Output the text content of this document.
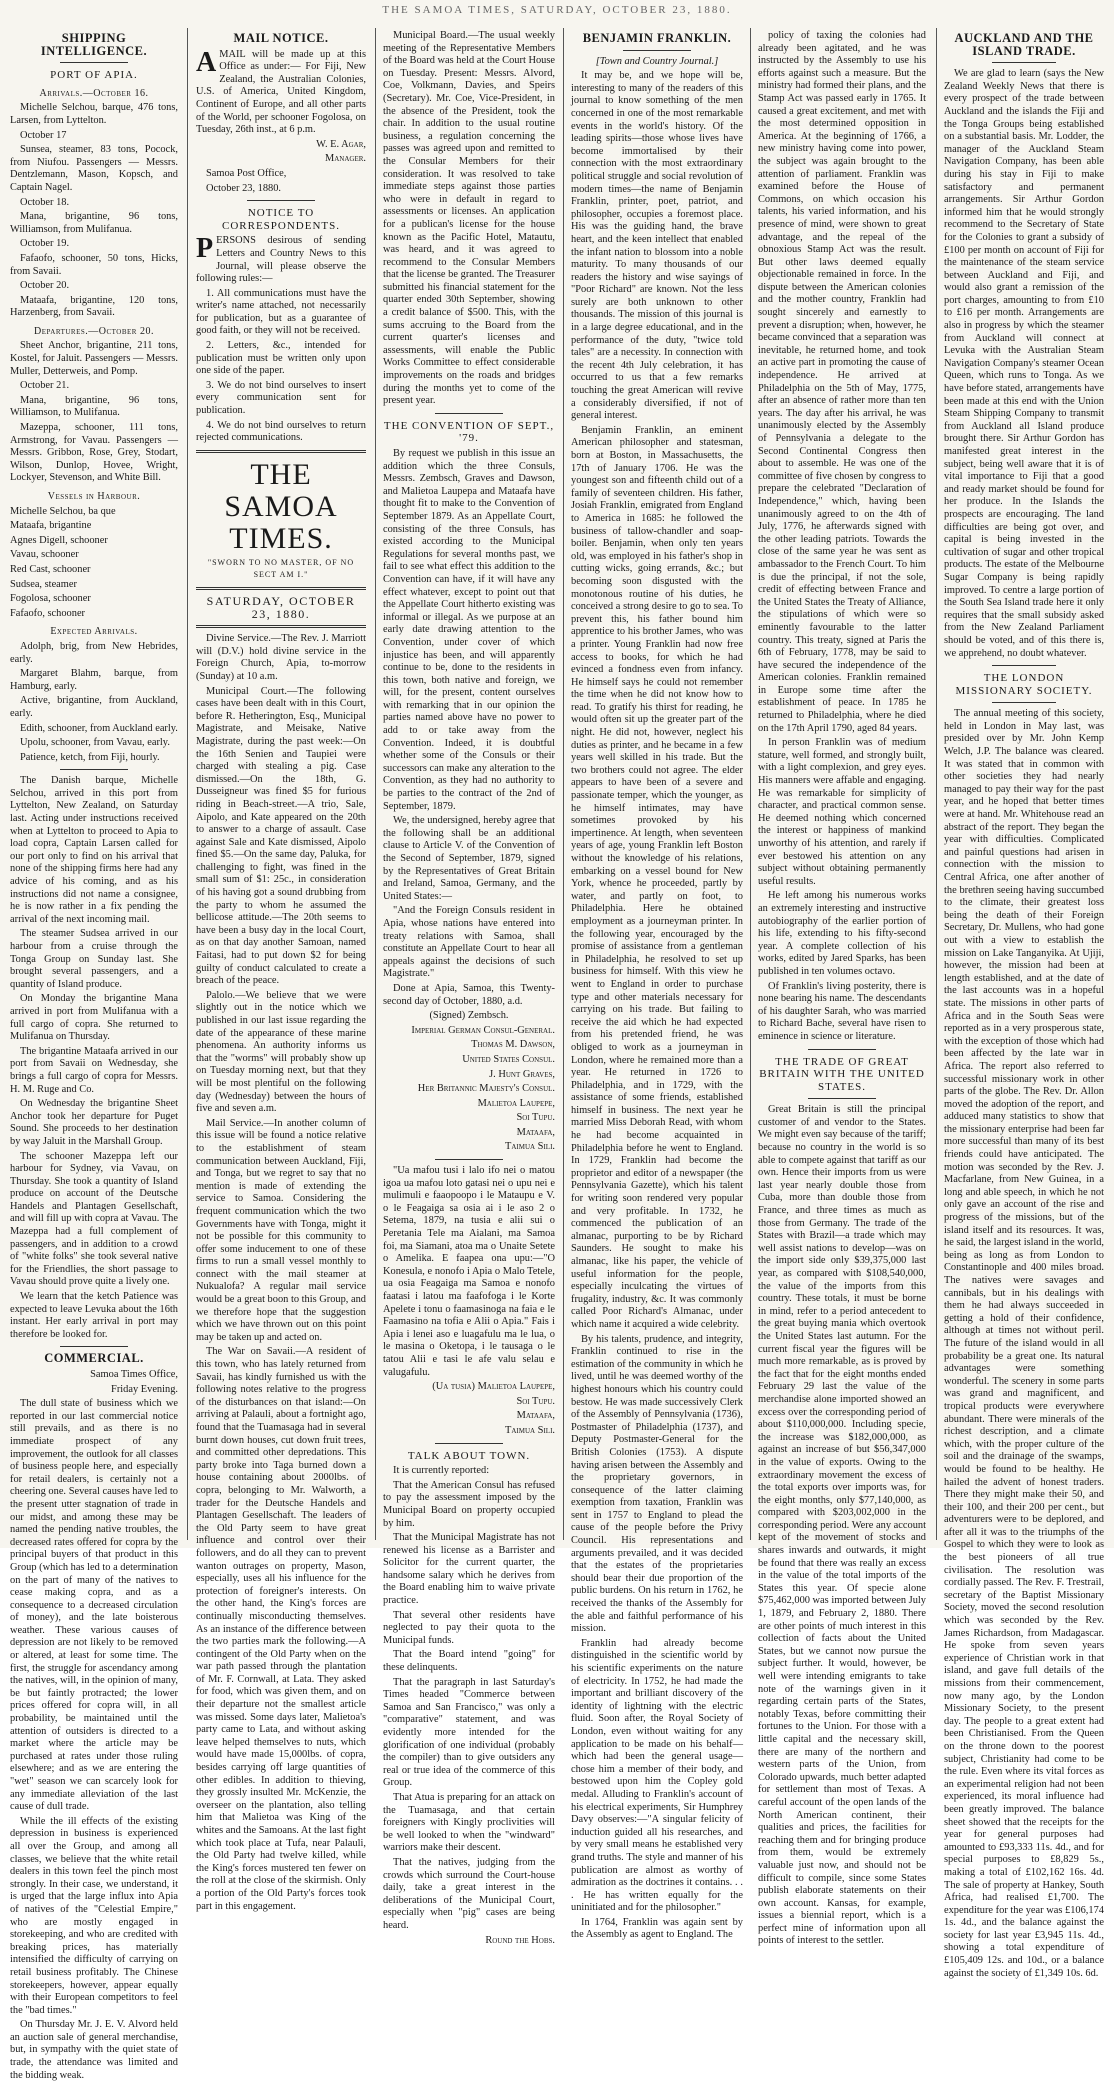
THE SAMOA TIMES, SATURDAY, OCTOBER 23, 1880.
SHIPPING INTELLIGENCE.
PORT OF APIA.
Arrivals.—October 16.

Michelle Selchou, barque, 476 tons, Larsen, from Lyttelton.

October 17

Sunsea, steamer, 83 tons, Pocock, from Niufou. Passengers — Messrs. Dentzlemann, Mason, Kopsch, and Captain Nagel.

October 18.

Mana, brigantine, 96 tons, Williamson, from Mulifanua.

October 19.

Fafaofo, schooner, 50 tons, Hicks, from Savaii.

October 20.

Mataafa, brigantine, 120 tons, Harzenberg, from Savaii.

Departures.—October 20.

Sheet Anchor, brigantine, 211 tons, Kostel, for Jaluit. Passengers — Messrs. Muller, Detterweis, and Pomp.

October 21.

Mana, brigantine, 96 tons, Williamson, to Mulifanua.

Mazeppa, schooner, 111 tons, Armstrong, for Vavau. Passengers — Messrs. Gribbon, Rose, Grey, Stodart, Wilson, Dunlop, Hovee, Wright, Lockyer, Stevenson, and White Bill.

Vessels in Harbour.

Michelle Selchou, ba que

Mataafa, brigantine

Agnes Digell, schooner

Vavau, schooner

Red Cast, schooner

Sudsea, steamer

Fogolosa, schooner

Fafaofo, schooner

Expected Arrivals.

Adolph, brig, from New Hebrides, early.

Margaret Blahm, barque, from Hamburg, early.

Active, brigantine, from Auckland, early.

Edith, schooner, from Auckland early.

Upolu, schooner, from Vavau, early.

Patience, ketch, from Fiji, hourly.

The Danish barque, Michelle Selchou, arrived in this port from Lyttelton, New Zealand, on Saturday last. Acting under instructions received when at Lyttelton to proceed to Apia to load copra, Captain Larsen called for our port only to find on his arrival that none of the shipping firms here had any advice of his coming, and as his instructions did not name a consignee, he is now rather in a fix pending the arrival of the next incoming mail.

The steamer Sudsea arrived in our harbour from a cruise through the Tonga Group on Sunday last. She brought several passengers, and a quantity of Island produce.

On Monday the brigantine Mana arrived in port from Mulifanua with a full cargo of copra. She returned to Mulifanua on Thursday.

The brigantine Mataafa arrived in our port from Savaii on Wednesday, she brings a full cargo of copra for Messrs. H. M. Ruge and Co.

On Wednesday the brigantine Sheet Anchor took her departure for Puget Sound. She proceeds to her destination by way Jaluit in the Marshall Group.

The schooner Mazeppa left our harbour for Sydney, via Vavau, on Thursday. She took a quantity of Island produce on account of the Deutsche Handels and Plantagen Gesellschaft, and will fill up with copra at Vavau. The Mazeppa had a full complement of passengers, and in addition to a crowd of "white folks" she took several native for the Friendlies, the short passage to Vavau should prove quite a lively one.

We learn that the ketch Patience was expected to leave Levuka about the 16th instant. Her early arrival in port may therefore be looked for.

COMMERCIAL.

Samoa Times Office,

Friday Evening.

The dull state of business which we reported in our last commercial notice still prevails, and as there is no immediate prospect of any improvement, the outlook for all classes of business people here, and especially for retail dealers, is certainly not a cheering one. Several causes have led to the present utter stagnation of trade in our midst, and among these may be named the pending native troubles, the decreased rates offered for copra by the principal buyers of that product in this Group (which has led to a determination on the part of many of the natives to cease making copra, and as a consequence to a decreased circulation of money), and the late boisterous weather. These various causes of depression are not likely to be removed or altered, at least for some time. The first, the struggle for ascendancy among the natives, will, in the opinion of many, be but faintly protracted; the lower prices offered for copra will, in all probability, be maintained until the attention of outsiders is directed to a market where the article may be purchased at rates under those ruling elsewhere; and as we are entering the "wet" season we can scarcely look for any immediate alleviation of the last cause of dull trade.

While the ill effects of the existing depression in business is experienced all over the Group, and among all classes, we believe that the white retail dealers in this town feel the pinch most strongly. In their case, we understand, it is urged that the large influx into Apia of natives of the "Celestial Empire," who are mostly engaged in storekeeping, and who are credited with breaking prices, has materially intensified the difficulty of carrying on retail business profitably. The Chinese storekeepers, however, appear equally with their European competitors to feel the "bad times."

On Thursday Mr. J. E. V. Alvord held an auction sale of general merchandise, but, in sympathy with the quiet state of trade, the attendance was limited and the bidding weak.

MAIL NOTICE.

AMAIL will be made up at this Office as under:— For Fiji, New Zealand, the Australian Colonies, U.S. of America, United Kingdom, Continent of Europe, and all other parts of the World, per schooner Fogolosa, on Tuesday, 26th inst., at 6 p.m.

W. E. Agar,

Manager.

Samoa Post Office,

October 23, 1880.

NOTICE TO CORRESPONDENTS.

PERSONS desirous of sending Letters and Country News to this Journal, will please observe the following rules:—

1. All communications must have the writer's name attached, not necessarily for publication, but as a guarantee of good faith, or they will not be received.

2. Letters, &c., intended for publication must be written only upon one side of the paper.

3. We do not bind ourselves to insert every communication sent for publication.

4. We do not bind ourselves to return rejected communications.

THE SAMOA TIMES.
"SWORN TO NO MASTER, OF NO SECT AM I."
SATURDAY, OCTOBER 23, 1880.

Divine Service.—The Rev. J. Marriott will (D.V.) hold divine service in the Foreign Church, Apia, to-morrow (Sunday) at 10 a.m.

Municipal Court.—The following cases have been dealt with in this Court, before R. Hetherington, Esq., Municipal Magistrate, and Meisake, Native Magistrate, during the past week:—On the 16th Senien and Taupiei were charged with stealing a pig. Case dismissed.—On the 18th, G. Dusseigneur was fined $5 for furious riding in Beach-street.—A trio, Sale, Aipolo, and Kate appeared on the 20th to answer to a charge of assault. Case against Sale and Kate dismissed, Aipolo fined $5.—On the same day, Paluka, for challenging to fight, was fined in the small sum of $1: 25c., in consideration of his having got a sound drubbing from the party to whom he assumed the bellicose attitude.—The 20th seems to have been a busy day in the local Court, as on that day another Samoan, named Faitasi, had to put down $2 for being guilty of conduct calculated to create a breach of the peace.

Palolo.—We believe that we were slightly out in the notice which we published in our last issue regarding the date of the appearance of these marine phenomena. An authority informs us that the "worms" will probably show up on Tuesday morning next, but that they will be most plentiful on the following day (Wednesday) between the hours of five and seven a.m.

Mail Service.—In another column of this issue will be found a notice relative to the establishment of steam communication between Auckland, Fiji, and Tonga, but we regret to say that no mention is made of extending the service to Samoa. Considering the frequent communication which the two Governments have with Tonga, might it not be possible for this community to offer some inducement to one of these firms to run a small vessel monthly to connect with the mail steamer at Nukualofa? A regular mail service would be a great boon to this Group, and we therefore hope that the suggestion which we have thrown out on this point may be taken up and acted on.

The War on Savaii.—A resident of this town, who has lately returned from Savaii, has kindly furnished us with the following notes relative to the progress of the disturbances on that island:—On arriving at Palauli, about a fortnight ago, found that the Tuamasaga had in several burnt down houses, cut down fruit trees, and committed other depredations. This party broke into Taga burned down a house containing about 2000lbs. of copra, belonging to Mr. Walworth, a trader for the Deutsche Handels and Plantagen Gesellschaft. The leaders of the Old Party seem to have great influence and control over their followers, and do all they can to prevent wanton outrages on property, Mason, especially, uses all his influence for the protection of foreigner's interests. On the other hand, the King's forces are continually misconducting themselves. As an instance of the difference between the two parties mark the following.—A contingent of the Old Party when on the war path passed through the plantation of Mr. F. Cornwall, at Lata. They asked for food, which was given them, and on their departure not the smallest article was missed. Some days later, Malietoa's party came to Lata, and without asking leave helped themselves to nuts, which would have made 15,000lbs. of copra, besides carrying off large quantities of other edibles. In addition to thieving, they grossly insulted Mr. McKenzie, the overseer on the plantation, also telling him that Malietoa was King of the whites and the Samoans. At the last fight which took place at Tufa, near Palauli, the Old Party had twelve killed, while the King's forces mustered ten fewer on the roll at the close of the skirmish. Only a portion of the Old Party's forces took part in this engagement.

Municipal Board.—The usual weekly meeting of the Representative Members of the Board was held at the Court House on Tuesday. Present: Messrs. Alvord, Coe, Volkmann, Davies, and Speirs (Secretary). Mr. Coe, Vice-President, in the absence of the President, took the chair. In addition to the usual routine business, a regulation concerning the passes was agreed upon and remitted to the Consular Members for their consideration. It was resolved to take immediate steps against those parties who were in default in regard to assessments or licenses. An application for a publican's license for the house known as the Pacific Hotel, Matautu, was heard, and it was agreed to recommend to the Consular Members that the license be granted. The Treasurer submitted his financial statement for the quarter ended 30th September, showing a credit balance of $500. This, with the sums accruing to the Board from the current quarter's licenses and assessments, will enable the Public Works Committee to effect considerable improvements on the roads and bridges during the months yet to come of the present year.

THE CONVENTION OF SEPT., '79.

By request we publish in this issue an addition which the three Consuls, Messrs. Zembsch, Graves and Dawson, and Malietoa Laupepa and Mataafa have thought fit to make to the Convention of September 1879. As an Appellate Court, consisting of the three Consuls, has existed according to the Municipal Regulations for several months past, we fail to see what effect this addition to the Convention can have, if it will have any effect whatever, except to point out that the Appellate Court hitherto existing was informal or illegal. As we purpose at an early date drawing attention to the Convention, under cover of which injustice has been, and will apparently continue to be, done to the residents in this town, both native and foreign, we will, for the present, content ourselves with remarking that in our opinion the parties named above have no power to add to or take away from the Convention. Indeed, it is doubtful whether some of the Consuls or their successors can make any alteration to the Convention, as they had no authority to be parties to the contract of the 2nd of September, 1879.

We, the undersigned, hereby agree that the following shall be an additional clause to Article V. of the Convention of the Second of September, 1879, signed by the Representatives of Great Britain and Ireland, Samoa, Germany, and the United States:—

"And the Foreign Consuls resident in Apia, whose nations have entered into treaty relations with Samoa, shall constitute an Appellate Court to hear all appeals against the decisions of such Magistrate."

Done at Apia, Samoa, this Twenty-second day of October, 1880, a.d.

(Signed) Zembsch.

Imperial German Consul-General.

Thomas M. Dawson,

United States Consul.

J. Hunt Graves,

Her Britannic Majesty's Consul.

Malietoa Laupepe,

Soi Tupu.

Mataafa,

Taimua Sili.

"Ua mafou tusi i lalo ifo nei o matou igoa ua mafou loto gatasi nei o upu nei e mulimuli e faaopoopo i le Mataupu e V. o le Feagaiga sa osia ai i le aso 2 o Setema, 1879, na tusia e alii sui o Peretania Tele ma Aialani, ma Samoa foi, ma Siamani, atoa ma o Unaite Setete o Amelika. E faapea ona upu:—"O Konesula, e nonofo i Apia o Malo Tetele, ua osia Feagaiga ma Samoa e nonofo faatasi i latou ma faafofoga i le Korte Apelete i tonu o faamasinoga na faia e le Faamasino na tofia e Alii o Apia." Fais i Apia i lenei aso e luagafulu ma le lua, o le masina o Oketopa, i le tausaga o le tatou Alii e tasi le afe valu selau e valugafulu.

(Ua tusia) Malietoa Laupepe,

Soi Tupu.

Mataafa,

Taimua Sili.

TALK ABOUT TOWN.

It is currently reported:

That the American Consul has refused to pay the assessment imposed by the Municipal Board on property occupied by him.

That the Municipal Magistrate has not renewed his license as a Barrister and Solicitor for the current quarter, the handsome salary which he derives from the Board enabling him to waive private practice.

That several other residents have neglected to pay their quota to the Municipal funds.

That the Board intend "going" for these delinquents.

That the paragraph in last Saturday's Times headed "Commerce between Samoa and San Francisco," was only a "comparative" statement, and was evidently more intended for the glorification of one individual (probably the compiler) than to give outsiders any real or true idea of the commerce of this Group.

That Atua is preparing for an attack on the Tuamasaga, and that certain foreigners with Kingly proclivities will be well looked to when the "windward" warriors make their descent.

That the natives, judging from the crowds which surround the Court-house daily, take a great interest in the deliberations of the Municipal Court, especially when "pig" cases are being heard.

Round the Hobs.

BENJAMIN FRANKLIN.

[Town and Country Journal.]

It may be, and we hope will be, interesting to many of the readers of this journal to know something of the men concerned in one of the most remarkable events in the world's history. Of the leading spirits—those whose lives have become immortalised by their connection with the most extraordinary political struggle and social revolution of modern times—the name of Benjamin Franklin, printer, poet, patriot, and philosopher, occupies a foremost place. His was the guiding hand, the brave heart, and the keen intellect that enabled the infant nation to blossom into a noble maturity. To many thousands of our readers the history and wise sayings of "Poor Richard" are known. Not the less surely are both unknown to other thousands. The mission of this journal is in a large degree educational, and in the performance of the duty, "twice told tales" are a necessity. In connection with the recent 4th July celebration, it has occurred to us that a few remarks touching the great American will revive a considerably diversified, if not of general interest.

Benjamin Franklin, an eminent American philosopher and statesman, born at Boston, in Massachusetts, the 17th of January 1706. He was the youngest son and fifteenth child out of a family of seventeen children. His father, Josiah Franklin, emigrated from England to America in 1685: he followed the business of tallow-chandler and soap-boiler. Benjamin, when only ten years old, was employed in his father's shop in cutting wicks, going errands, &c.; but becoming soon disgusted with the monotonous routine of his duties, he conceived a strong desire to go to sea. To prevent this, his father bound him apprentice to his brother James, who was a printer. Young Franklin had now free access to books, for which he had evinced a fondness even from infancy. He himself says he could not remember the time when he did not know how to read. To gratify his thirst for reading, he would often sit up the greater part of the night. He did not, however, neglect his duties as printer, and he became in a few years well skilled in his trade. But the two brothers could not agree. The elder appears to have been of a severe and passionate temper, which the younger, as he himself intimates, may have sometimes provoked by his impertinence. At length, when seventeen years of age, young Franklin left Boston without the knowledge of his relations, embarking on a vessel bound for New York, whence he proceeded, partly by water, and partly on foot, to Philadelphia. Here he obtained employment as a journeyman printer. In the following year, encouraged by the promise of assistance from a gentleman in Philadelphia, he resolved to set up business for himself. With this view he went to England in order to purchase type and other materials necessary for carrying on his trade. But failing to receive the aid which he had expected from his pretended friend, he was obliged to work as a journeyman in London, where he remained more than a year. He returned in 1726 to Philadelphia, and in 1729, with the assistance of some friends, established himself in business. The next year he married Miss Deborah Read, with whom he had become acquainted in Philadelphia before he went to England. In 1729, Franklin had become the proprietor and editor of a newspaper (the Pennsylvania Gazette), which his talent for writing soon rendered very popular and very profitable. In 1732, he commenced the publication of an almanac, purporting to be by Richard Saunders. He sought to make his almanac, like his paper, the vehicle of useful information for the people, especially inculcating the virtues of frugality, industry, &c. It was commonly called Poor Richard's Almanac, under which name it acquired a wide celebrity.

By his talents, prudence, and integrity, Franklin continued to rise in the estimation of the community in which he lived, until he was deemed worthy of the highest honours which his country could bestow. He was made successively Clerk of the Assembly of Pennsylvania (1736), Postmaster of Philadelphia (1737), and Deputy Postmaster-General for the British Colonies (1753). A dispute having arisen between the Assembly and the proprietary governors, in consequence of the latter claiming exemption from taxation, Franklin was sent in 1757 to England to plead the cause of the people before the Privy Council. His representations and arguments prevailed, and it was decided that the estates of the proprietaries should bear their due proportion of the public burdens. On his return in 1762, he received the thanks of the Assembly for the able and faithful performance of his mission.

Franklin had already become distinguished in the scientific world by his scientific experiments on the nature of electricity. In 1752, he had made the important and brilliant discovery of the identity of lightning with the electric fluid. Soon after, the Royal Society of London, even without waiting for any application to be made on his behalf—which had been the general usage—chose him a member of their body, and bestowed upon him the Copley gold medal. Alluding to Franklin's account of his electrical experiments, Sir Humphrey Davy observes:—"A singular felicity of induction guided all his researches, and by very small means he established very grand truths. The style and manner of his publication are almost as worthy of admiration as the doctrines it contains. . . . He has written equally for the uninitiated and for the philosopher."

In 1764, Franklin was again sent by the Assembly as agent to England. The

policy of taxing the colonies had already been agitated, and he was instructed by the Assembly to use his efforts against such a measure. But the ministry had formed their plans, and the Stamp Act was passed early in 1765. It caused a great excitement, and met with the most determined opposition in America. At the beginning of 1766, a new ministry having come into power, the subject was again brought to the attention of parliament. Franklin was examined before the House of Commons, on which occasion his talents, his varied information, and his presence of mind, were shown to great advantage, and the repeal of the obnoxious Stamp Act was the result. But other laws deemed equally objectionable remained in force. In the dispute between the American colonies and the mother country, Franklin had sought sincerely and earnestly to prevent a disruption; when, however, he became convinced that a separation was inevitable, he returned home, and took an active part in promoting the cause of independence. He arrived at Philadelphia on the 5th of May, 1775, after an absence of rather more than ten years. The day after his arrival, he was unanimously elected by the Assembly of Pennsylvania a delegate to the Second Continental Congress then about to assemble. He was one of the committee of five chosen by congress to prepare the celebrated "Declaration of Independence," which, having been unanimously agreed to on the 4th of July, 1776, he afterwards signed with the other leading patriots. Towards the close of the same year he was sent as ambassador to the French Court. To him is due the principal, if not the sole, credit of effecting between France and the United States the Treaty of Alliance, the stipulations of which were so eminently favourable to the latter country. This treaty, signed at Paris the 6th of February, 1778, may be said to have secured the independence of the American colonies. Franklin remained in Europe some time after the establishment of peace. In 1785 he returned to Philadelphia, where he died on the 17th April 1790, aged 84 years.

In person Franklin was of medium stature, well formed, and strongly built, with a light complexion, and grey eyes. His manners were affable and engaging. He was remarkable for simplicity of character, and practical common sense. He deemed nothing which concerned the interest or happiness of mankind unworthy of his attention, and rarely if ever bestowed his attention on any subject without obtaining permanently useful results.

He left among his numerous works an extremely interesting and instructive autobiography of the earlier portion of his life, extending to his fifty-second year. A complete collection of his works, edited by Jared Sparks, has been published in ten volumes octavo.

Of Franklin's living posterity, there is none bearing his name. The descendants of his daughter Sarah, who was married to Richard Bache, several have risen to eminence in science or literature.

THE TRADE OF GREAT BRITAIN WITH THE UNITED STATES.

Great Britain is still the principal customer of and vendor to the States. We might even say because of the tariff; because no country in the world is so able to compete against that tariff as our own. Hence their imports from us were last year nearly double those from Cuba, more than double those from France, and three times as much as those from Germany. The trade of the States with Brazil—a trade which may well assist nations to develop—was on the import side only $39,375,000 last year, as compared with $108,540,000, the value of the imports from this country. These totals, it must be borne in mind, refer to a period antecedent to the great buying mania which overtook the United States last autumn. For the current fiscal year the figures will be much more remarkable, as is proved by the fact that for the eight months ended February 29 last the value of the merchandise alone imported showed an excess over the corresponding period of about $110,000,000. Including specie, the increase was $182,000,000, as against an increase of but $56,347,000 in the value of exports. Owing to the extraordinary movement the excess of the total exports over imports was, for the eight months, only $77,140,000, as compared with $203,002,000 in the corresponding period. Were any account kept of the movement of stocks and shares inwards and outwards, it might be found that there was really an excess in the value of the total imports of the States this year. Of specie alone $75,462,000 was imported between July 1, 1879, and February 2, 1880. There are other points of much interest in this collection of facts about the United States, but we cannot now pursue the subject further. It would, however, be well were intending emigrants to take note of the warnings given in it regarding certain parts of the States, notably Texas, before committing their fortunes to the Union. For those with a little capital and the necessary skill, there are many of the northern and western parts of the Union, from Colorado upwards, much better adapted for settlement than most of Texas. A careful account of the open lands of the North American continent, their qualities and prices, the facilities for reaching them and for bringing produce from them, would be extremely valuable just now, and should not be difficult to compile, since some States publish elaborate statements on their own account. Kansas, for example, issues a biennial report, which is a perfect mine of information upon all points of interest to the settler.

AUCKLAND AND THE ISLAND TRADE.

We are glad to learn (says the New Zealand Weekly News that there is every prospect of the trade between Auckland and the islands the Fiji and the Tonga Groups being established on a substantial basis. Mr. Lodder, the manager of the Auckland Steam Navigation Company, has been able during his stay in Fiji to make satisfactory and permanent arrangements. Sir Arthur Gordon informed him that he would strongly recommend to the Secretary of State for the Colonies to grant a subsidy of £100 per month on account of Fiji for the maintenance of the steam service between Auckland and Fiji, and would also grant a remission of the port charges, amounting to from £10 to £16 per month. Arrangements are also in progress by which the steamer from Auckland will connect at Levuka with the Australian Steam Navigation Company's steamer Ocean Queen, which runs to Tonga. As we have before stated, arrangements have been made at this end with the Union Steam Shipping Company to transmit from Auckland all Island produce brought there. Sir Arthur Gordon has manifested great interest in the subject, being well aware that it is of vital importance to Fiji that a good and ready market should be found for her produce. In the Islands the prospects are encouraging. The land difficulties are being got over, and capital is being invested in the cultivation of sugar and other tropical products. The estate of the Melbourne Sugar Company is being rapidly improved. To centre a large portion of the South Sea Island trade here it only requires that the small subsidy asked from the New Zealand Parliament should be voted, and of this there is, we apprehend, no doubt whatever.

THE LONDON MISSIONARY SOCIETY.

The annual meeting of this society, held in London in May last, was presided over by Mr. John Kemp Welch, J.P. The balance was cleared. It was stated that in common with other societies they had nearly managed to pay their way for the past year, and he hoped that better times were at hand. Mr. Whitehouse read an abstract of the report. They began the year with difficulties. Complicated and painful questions had arisen in connection with the mission to Central Africa, one after another of the brethren seeing having succumbed to the climate, their greatest loss being the death of their Foreign Secretary, Dr. Mullens, who had gone out with a view to establish the mission on Lake Tanganyika. At Ujiji, however, the mission had been at length established, and at the date of the last accounts was in a hopeful state. The missions in other parts of Africa and in the South Seas were reported as in a very prosperous state, with the exception of those which had been affected by the late war in Africa. The report also referred to successful missionary work in other parts of the globe. The Rev. Dr. Allon moved the adoption of the report, and adduced many statistics to show that the missionary enterprise had been far more successful than many of its best friends could have anticipated. The motion was seconded by the Rev. J. Macfarlane, from New Guinea, in a long and able speech, in which he not only gave an account of the rise and progress of the missions, but of the island itself and its resources. It was, he said, the largest island in the world, being as long as from London to Constantinople and 400 miles broad. The natives were savages and cannibals, but in his dealings with them he had always succeeded in getting a hold of their confidence, although at times not without peril. The future of the island would in all probability be a great one. Its natural advantages were something wonderful. The scenery in some parts was grand and magnificent, and tropical products were everywhere abundant. There were minerals of the richest description, and a climate which, with the proper culture of the soil and the drainage of the swamps, would be found to be healthy. He hailed the advent of honest traders. There they might make their 50, and their 100, and their 200 per cent., but adventurers were to be deplored, and after all it was to the triumphs of the Gospel to which they were to look as the best pioneers of all true civilisation. The resolution was cordially passed. The Rev. F. Trestrail, secretary of the Baptist Missionary Society, moved the second resolution which was seconded by the Rev. James Richardson, from Madagascar. He spoke from seven years experience of Christian work in that island, and gave full details of the missions from their commencement, now many ago, by the London Missionary Society, to the present day. The people to a great extent had been Christianised. From the Queen on the throne down to the poorest subject, Christianity had come to be the rule. Even where its vital forces as an experimental religion had not been experienced, its moral influence had been greatly improved. The balance sheet showed that the receipts for the year for general purposes had amounted to £93,333 11s. 4d., and for special purposes to £8,829 5s., making a total of £102,162 16s. 4d. The sale of property at Hankey, South Africa, had realised £1,700. The expenditure for the year was £106,174 1s. 4d., and the balance against the society for last year £3,945 11s. 4d., showing a total expenditure of £105,409 12s. and 10d., or a balance against the society of £1,349 10s. 6d.
